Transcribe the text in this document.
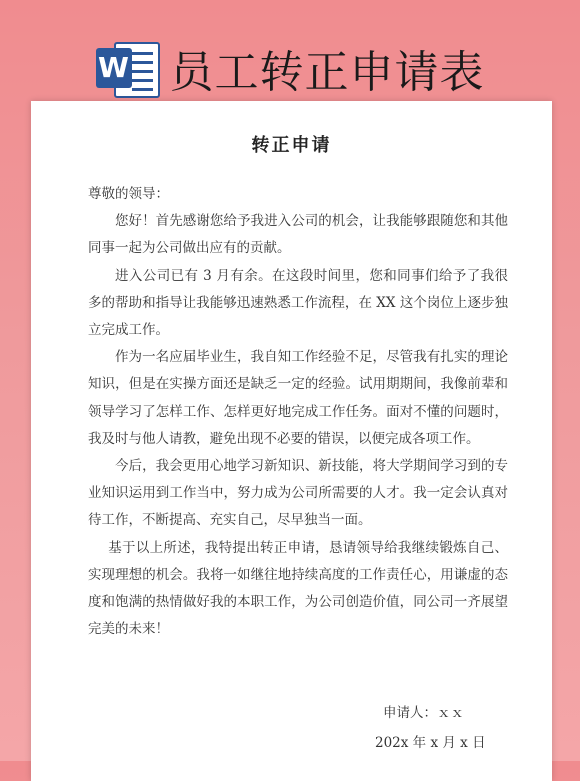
W 员工转正申请表
转正申请

尊敬的领导：

您好！首先感谢您给予我进入公司的机会，让我能够跟随您和其他同事一起为公司做出应有的贡献。

进入公司已有 3 月有余。在这段时间里，您和同事们给予了我很多的帮助和指导让我能够迅速熟悉工作流程，在 XX 这个岗位上逐步独立完成工作。

作为一名应届毕业生，我自知工作经验不足，尽管我有扎实的理论知识，但是在实操方面还是缺乏一定的经验。试用期期间，我像前辈和领导学习了怎样工作、怎样更好地完成工作任务。面对不懂的问题时，我及时与他人请教，避免出现不必要的错误，以便完成各项工作。

今后，我会更用心地学习新知识、新技能，将大学期间学习到的专业知识运用到工作当中，努力成为公司所需要的人才。我一定会认真对待工作，不断提高、充实自己，尽早独当一面。

基于以上所述，我特提出转正申请，恳请领导给我继续锻炼自己、实现理想的机会。我将一如继往地持续高度的工作责任心，用谦虚的态度和饱满的热情做好我的本职工作，为公司创造价值，同公司一齐展望完美的未来！

申请人：ｘｘ
202x 年 x 月 x 日
